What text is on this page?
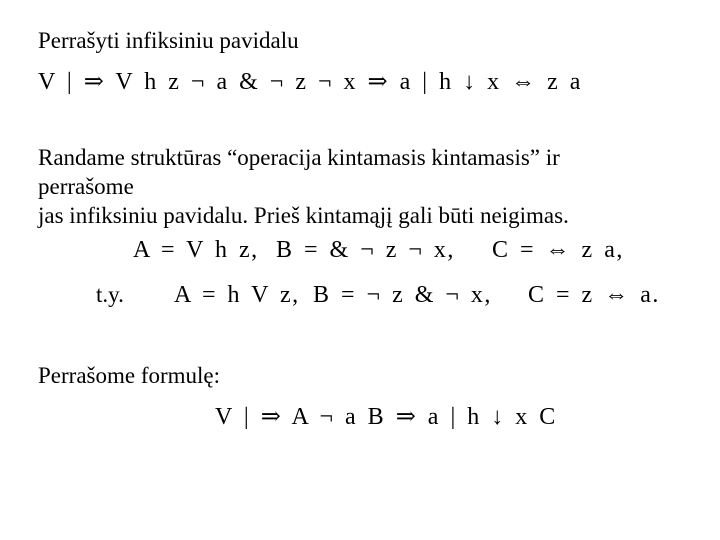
Perrašyti infiksiniu pavidalu
V | ⇒ V h z ¬ a & ¬ z ¬ x ⇒ a | h ↓ x ⇔ z a
Randame struktūras “operacija kintamasis kintamasis” ir perrašome
jas infiksiniu pavidalu. Prieš kintamąjį gali būti neigimas.
A = V h z, B = & ¬ z ¬ x, C = ⇔ z a,
t.y. A = h V z, B = ¬ z & ¬ x, C = z ⇔ a.
Perrašome formulę:
V | ⇒ A ¬ a B ⇒ a | h ↓ x C
